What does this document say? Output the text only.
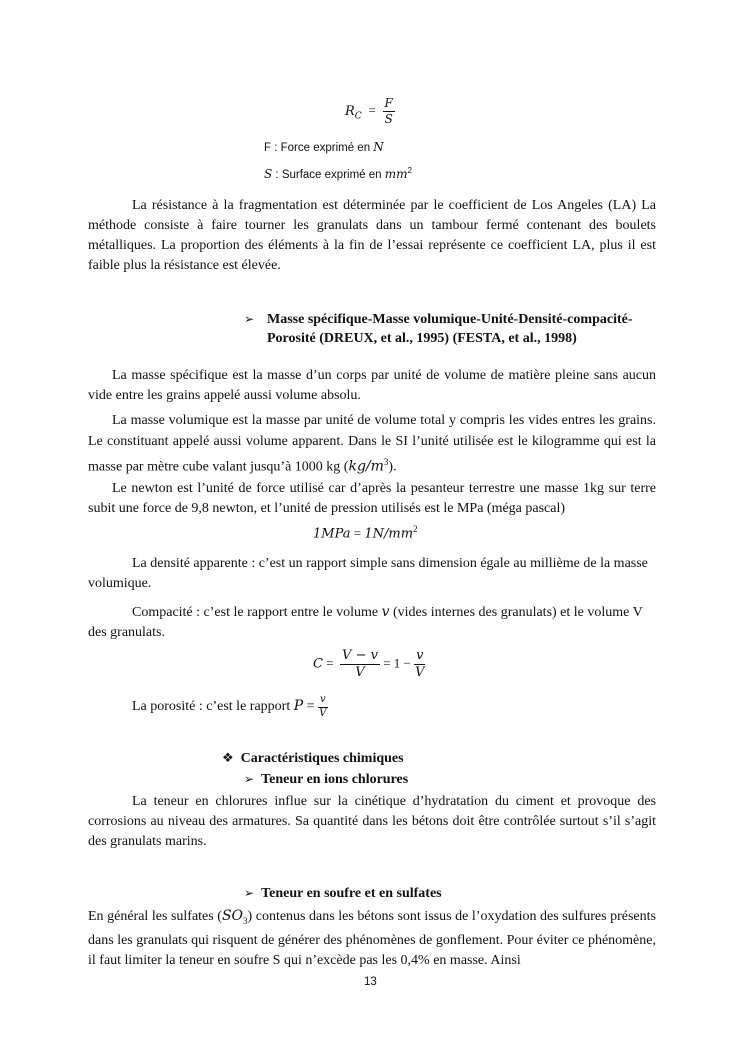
$R_C = \frac{F}{S}$
F : Force exprimé en N
S : Surface exprimé en $mm^2$

La résistance à la fragmentation est déterminée par le coefficient de Los Angeles (LA) La méthode consiste à faire tourner les granulats dans un tambour fermé contenant des boulets métalliques. La proportion des éléments à la fin de l’essai représente ce coefficient LA, plus il est faible plus la résistance est élevée.

➢ Masse spécifique-Masse volumique-Unité-Densité-compacité-Porosité (DREUX, et al., 1995) (FESTA, et al., 1998)

La masse spécifique est la masse d’un corps par unité de volume de matière pleine sans aucun vide entre les grains appelé aussi volume absolu.

La masse volumique est la masse par unité de volume total y compris les vides entres les grains. Le constituant appelé aussi volume apparent. Dans le SI l’unité utilisée est le kilogramme qui est la masse par mètre cube valant jusqu’à 1000 kg $(kg/m^3)$.

Le newton est l’unité de force utilisé car d’après la pesanteur terrestre une masse 1kg sur terre subit une force de 9,8 newton, et l’unité de pression utilisés est le MPa (méga pascal)

$1MPa = 1N/mm^2$

La densité apparente : c’est un rapport simple sans dimension égale au millième de la masse volumique.

Compacité : c’est le rapport entre le volume v (vides internes des granulats) et le volume V des granulats.

$C = \frac{V - v}{V} = 1 - \frac{v}{V}$
La porosité : c’est le rapport $P = \frac{v}{V}$
❖ Caractéristiques chimiques
➢ Teneur en ions chlorures

La teneur en chlorures influe sur la cinétique d’hydratation du ciment et provoque des corrosions au niveau des armatures. Sa quantité dans les bétons doit être contrôlée surtout s’il s’agit des granulats marins.

➢ Teneur en soufre et en sulfates

En général les sulfates $(SO_3)$ contenus dans les bétons sont issus de l’oxydation des sulfures présents dans les granulats qui risquent de générer des phénomènes de gonflement. Pour éviter ce phénomène, il faut limiter la teneur en soufre S qui n’excède pas les 0,4% en masse. Ainsi

13
